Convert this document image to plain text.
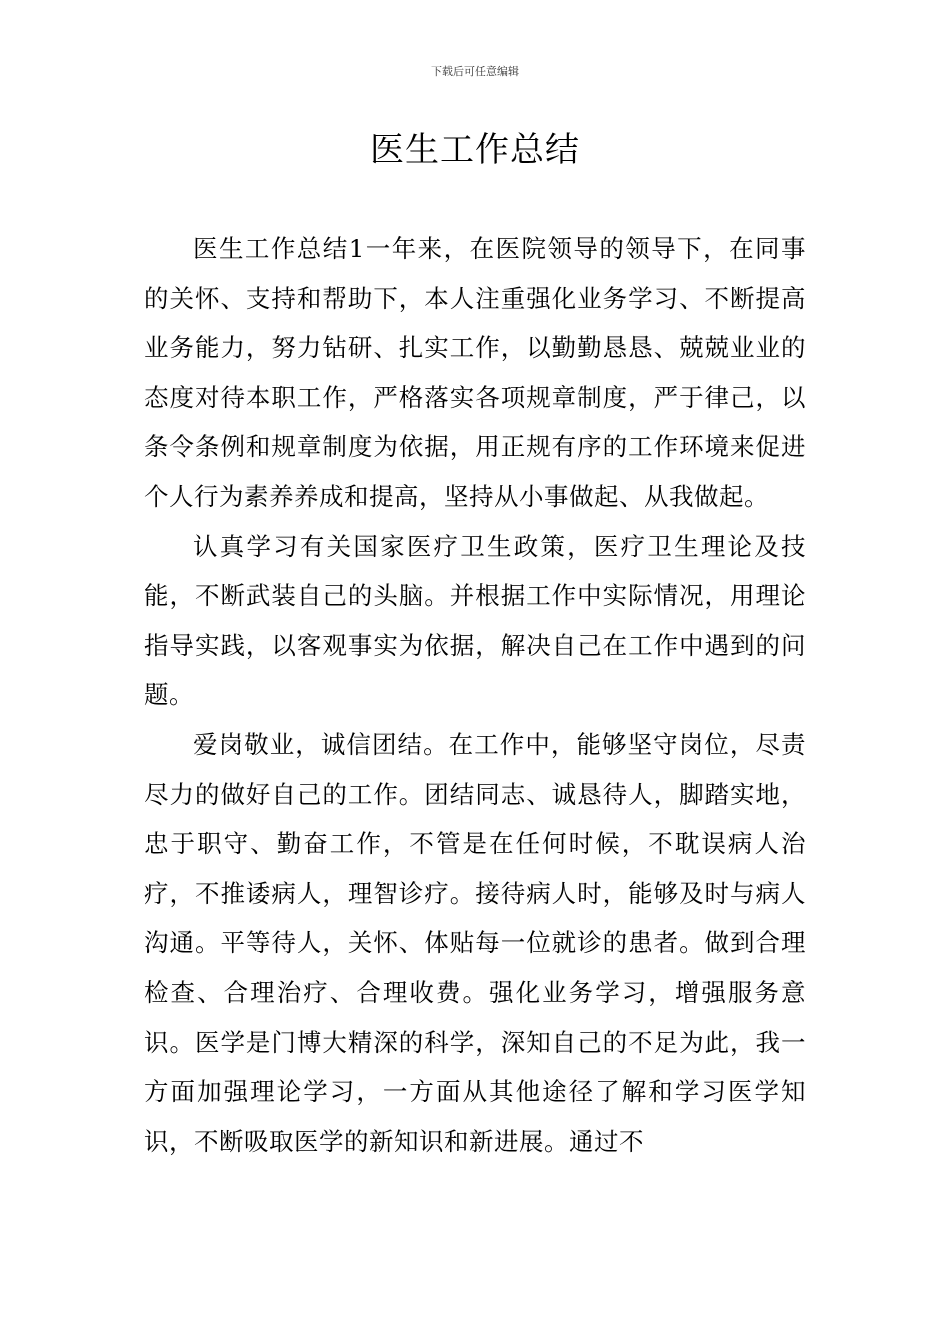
下载后可任意编辑
医生工作总结

医生工作总结1一年来，在医院领导的领导下，在同事的关怀、支持和帮助下，本人注重强化业务学习、不断提高业务能力，努力钻研、扎实工作，以勤勤恳恳、兢兢业业的态度对待本职工作，严格落实各项规章制度，严于律己，以条令条例和规章制度为依据，用正规有序的工作环境来促进个人行为素养养成和提高，坚持从小事做起、从我做起。

认真学习有关国家医疗卫生政策，医疗卫生理论及技能，不断武装自己的头脑。并根据工作中实际情况，用理论指导实践，以客观事实为依据，解决自己在工作中遇到的问题。

爱岗敬业，诚信团结。在工作中，能够坚守岗位，尽责尽力的做好自己的工作。团结同志、诚恳待人，脚踏实地，忠于职守、勤奋工作，不管是在任何时候，不耽误病人治疗，不推诿病人，理智诊疗。接待病人时，能够及时与病人沟通。平等待人，关怀、体贴每一位就诊的患者。做到合理检查、合理治疗、合理收费。强化业务学习，增强服务意识。医学是门博大精深的科学，深知自己的不足为此，我一方面加强理论学习，一方面从其他途径了解和学习医学知识，不断吸取医学的新知识和新进展。通过不
